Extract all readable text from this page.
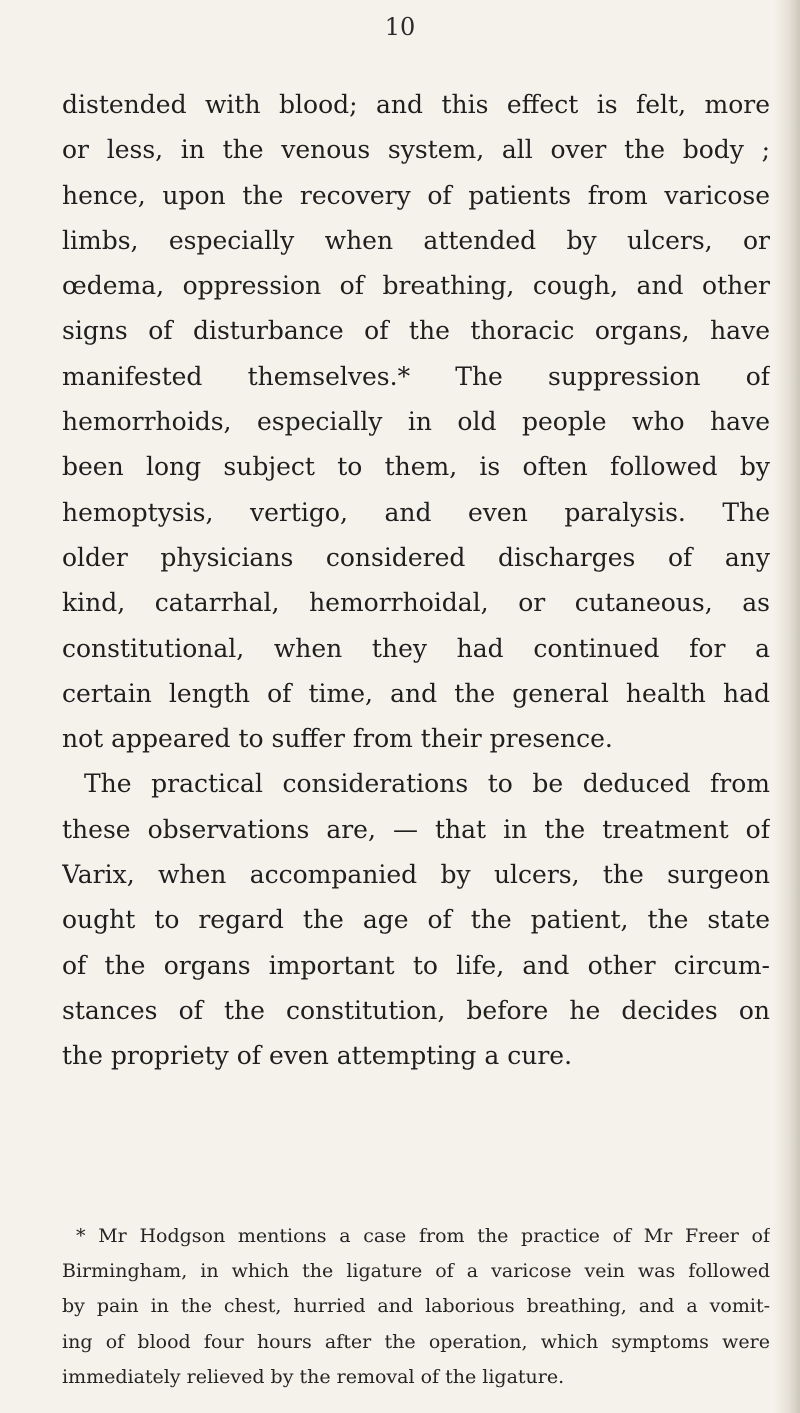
10
distended with blood; and this effect is felt, more
or less, in the venous system, all over the body ;
hence, upon the recovery of patients from varicose
limbs, especially when attended by ulcers, or
œdema, oppression of breathing, cough, and other
signs of disturbance of the thoracic organs, have
manifested themselves.* The suppression of
hemorrhoids, especially in old people who have
been long subject to them, is often followed by
hemoptysis, vertigo, and even paralysis. The
older physicians considered discharges of any
kind, catarrhal, hemorrhoidal, or cutaneous, as
constitutional, when they had continued for a
certain length of time, and the general health had
not appeared to suffer from their presence.
The practical considerations to be deduced from
these observations are, — that in the treatment of
Varix, when accompanied by ulcers, the surgeon
ought to regard the age of the patient, the state
of the organs important to life, and other circum-
stances of the constitution, before he decides on
the propriety of even attempting a cure.
* Mr Hodgson mentions a case from the practice of Mr Freer of
Birmingham, in which the ligature of a varicose vein was followed
by pain in the chest, hurried and laborious breathing, and a vomit-
ing of blood four hours after the operation, which symptoms were
immediately relieved by the removal of the ligature.
